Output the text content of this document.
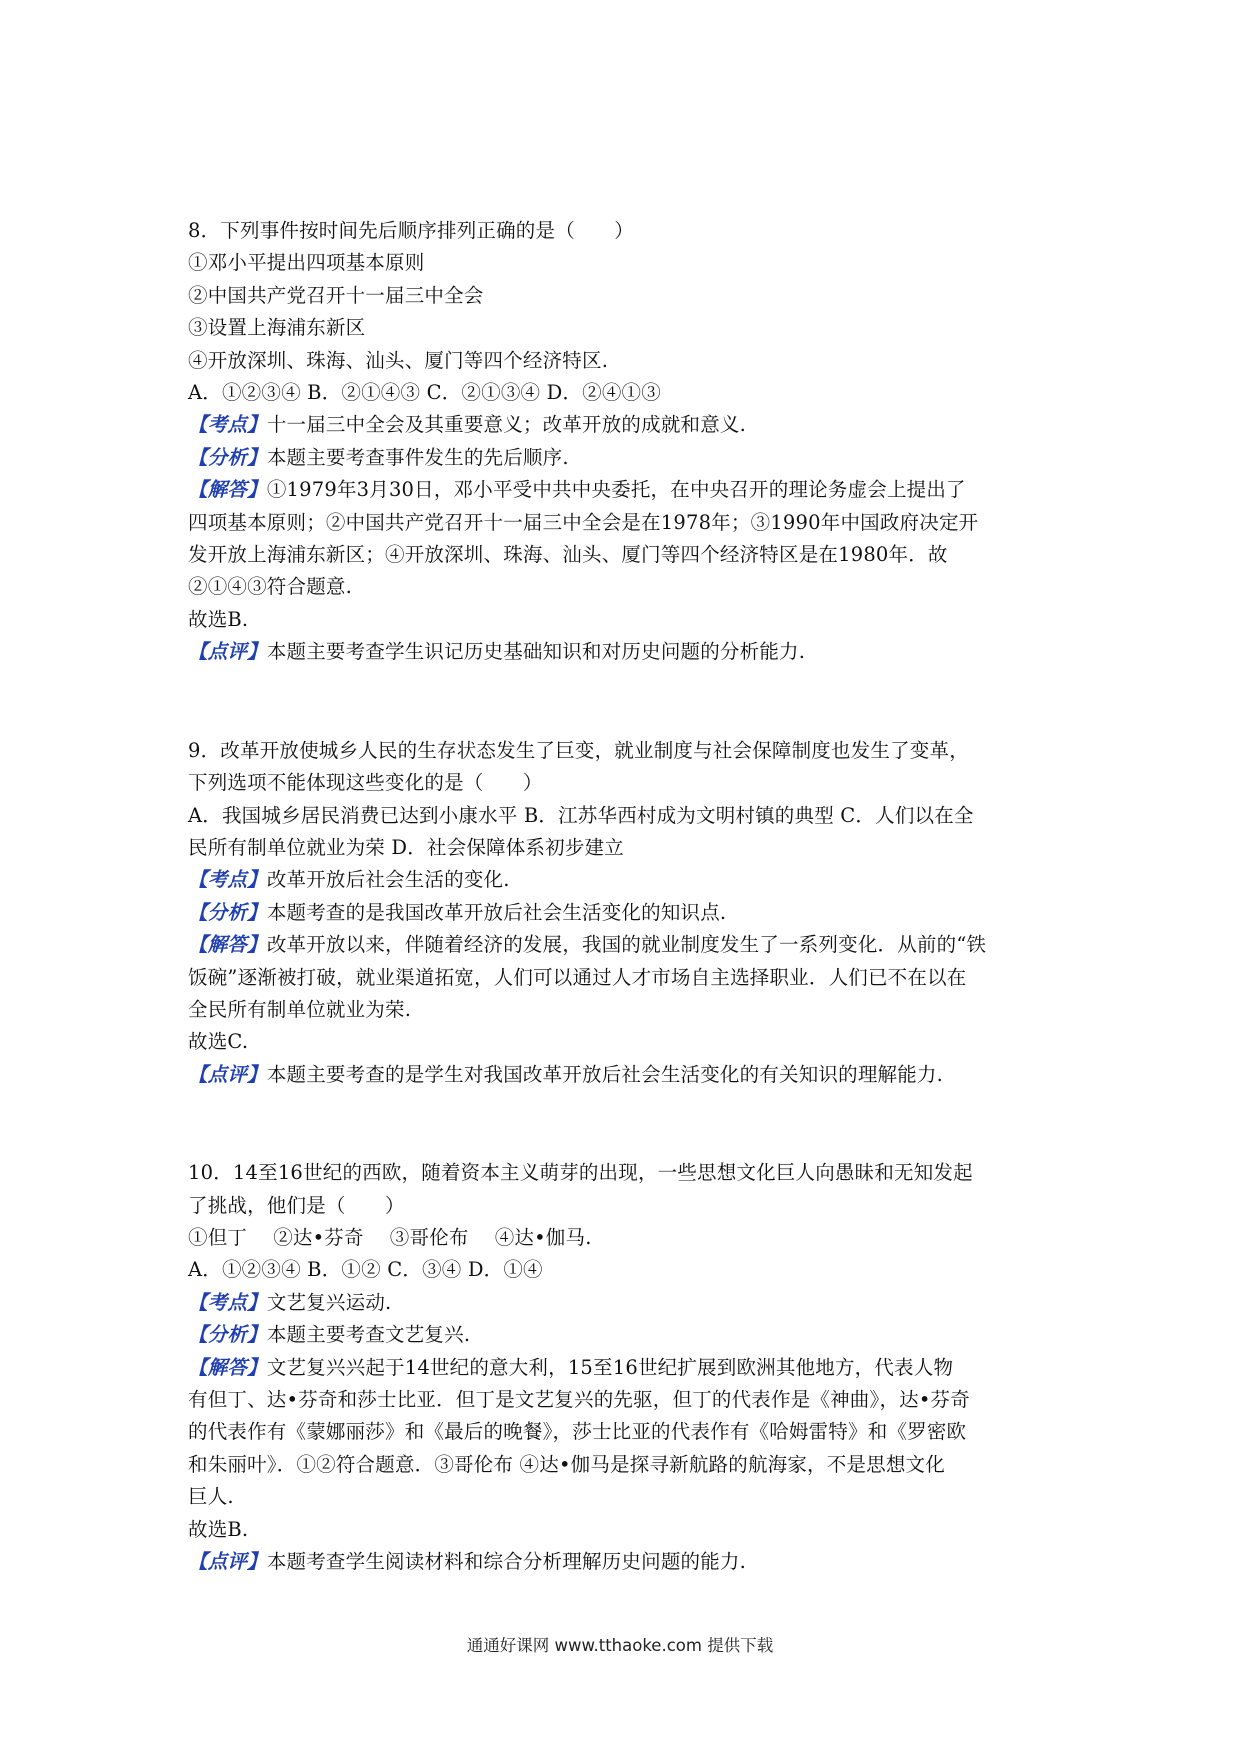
8．下列事件按时间先后顺序排列正确的是（　　）
①邓小平提出四项基本原则
②中国共产党召开十一届三中全会
③设置上海浦东新区
④开放深圳、珠海、汕头、厦门等四个经济特区.
A．①②③④ B．②①④③ C．②①③④ D．②④①③
【考点】十一届三中全会及其重要意义；改革开放的成就和意义.
【分析】本题主要考查事件发生的先后顺序.
【解答】①1979年3月30日，邓小平受中共中央委托，在中央召开的理论务虚会上提出了
四项基本原则；②中国共产党召开十一届三中全会是在1978年；③1990年中国政府决定开
发开放上海浦东新区；④开放深圳、珠海、汕头、厦门等四个经济特区是在1980年．故
②①④③符合题意.
故选B.
【点评】本题主要考查学生识记历史基础知识和对历史问题的分析能力.
9．改革开放使城乡人民的生存状态发生了巨变，就业制度与社会保障制度也发生了变革，
下列选项不能体现这些变化的是（　　）
A．我国城乡居民消费已达到小康水平 B．江苏华西村成为文明村镇的典型 C．人们以在全
民所有制单位就业为荣 D．社会保障体系初步建立
【考点】改革开放后社会生活的变化.
【分析】本题考查的是我国改革开放后社会生活变化的知识点.
【解答】改革开放以来，伴随着经济的发展，我国的就业制度发生了一系列变化．从前的“铁
饭碗”逐渐被打破，就业渠道拓宽，人们可以通过人才市场自主选择职业．人们已不在以在
全民所有制单位就业为荣.
故选C.
【点评】本题主要考查的是学生对我国改革开放后社会生活变化的有关知识的理解能力.
10．14至16世纪的西欧，随着资本主义萌芽的出现，一些思想文化巨人向愚昧和无知发起
了挑战，他们是（　　）
①但丁　 ②达•芬奇　 ③哥伦布　 ④达•伽马.
A．①②③④ B．①② C．③④ D．①④
【考点】文艺复兴运动.
【分析】本题主要考查文艺复兴.
【解答】文艺复兴兴起于14世纪的意大利，15至16世纪扩展到欧洲其他地方，代表人物
有但丁、达•芬奇和莎士比亚．但丁是文艺复兴的先驱，但丁的代表作是《神曲》，达•芬奇
的代表作有《蒙娜丽莎》和《最后的晚餐》，莎士比亚的代表作有《哈姆雷特》和《罗密欧
和朱丽叶》．①②符合题意．③哥伦布 ④达•伽马是探寻新航路的航海家，不是思想文化
巨人.
故选B.
【点评】本题考查学生阅读材料和综合分析理解历史问题的能力.
通通好课网 www.tthaoke.com 提供下载
